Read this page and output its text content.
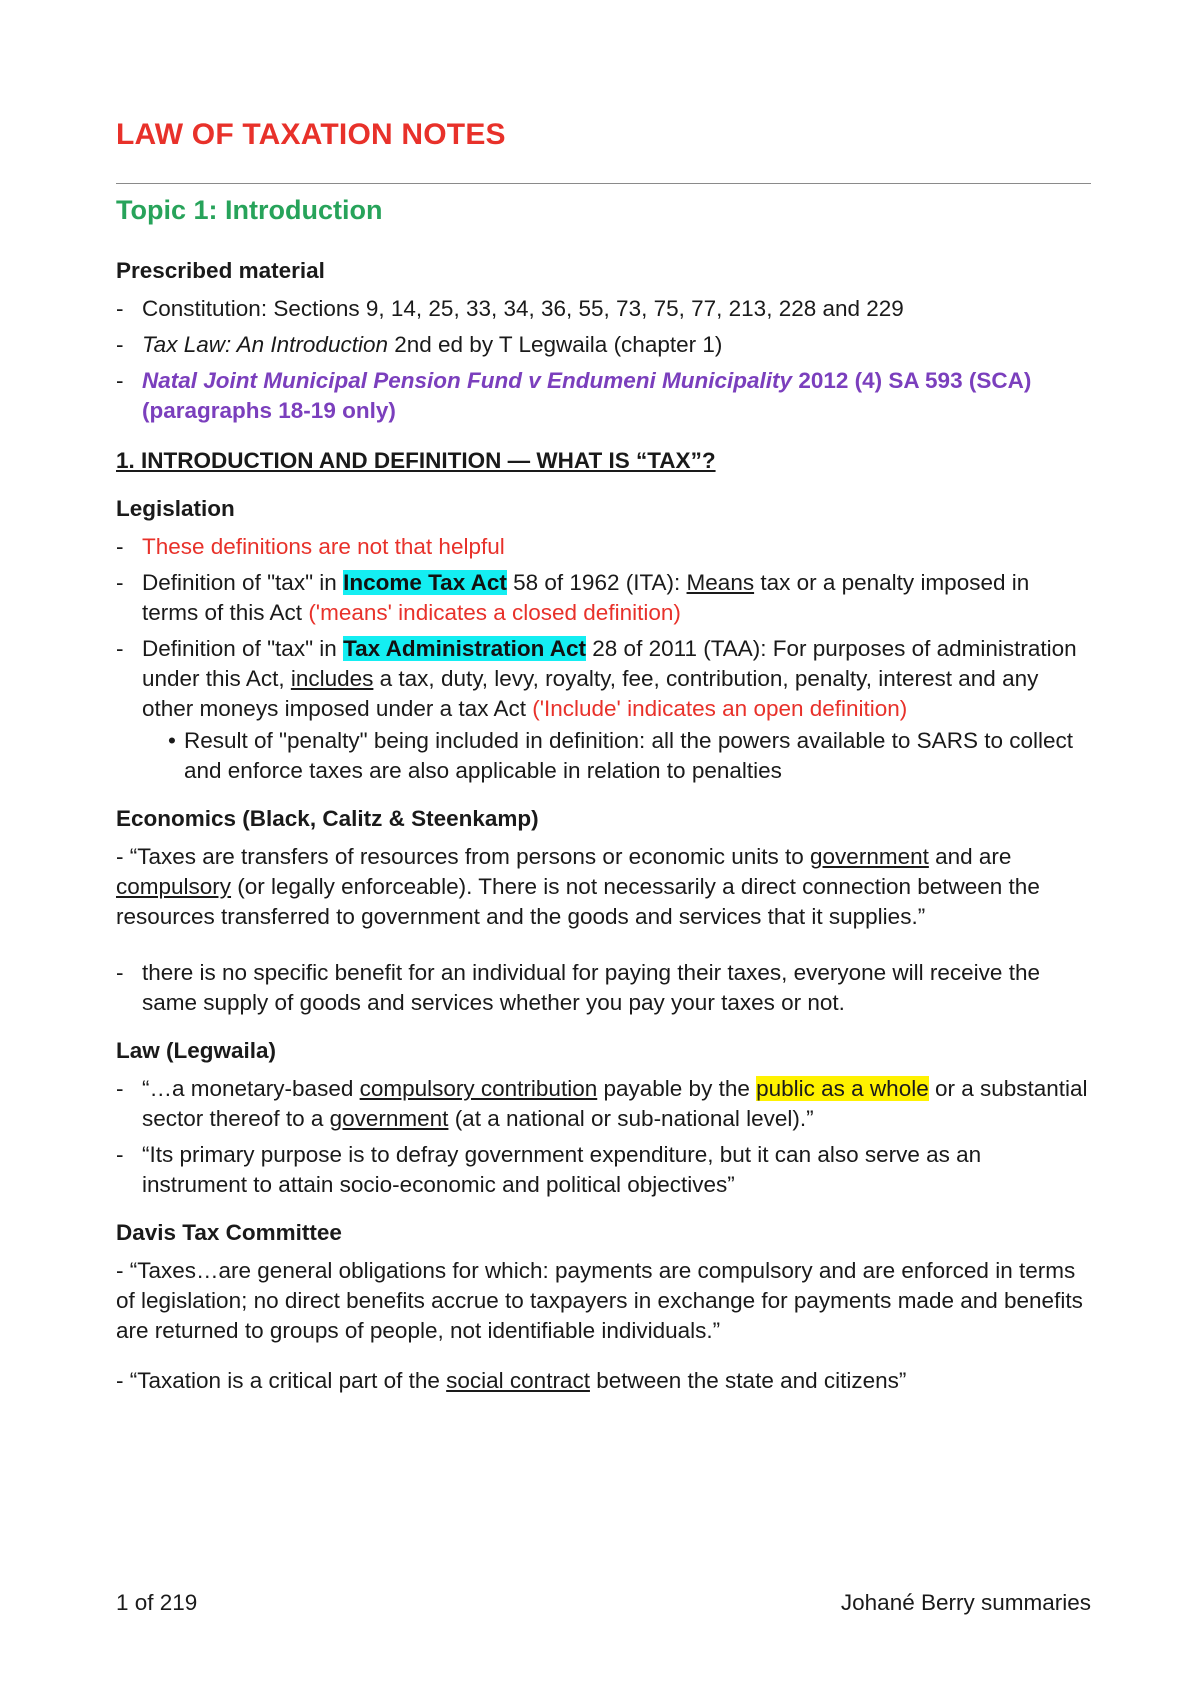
LAW OF TAXATION NOTES
Topic 1: Introduction
Prescribed material
- Constitution: Sections 9, 14, 25, 33, 34, 36, 55, 73, 75, 77, 213, 228 and 229
- Tax Law: An Introduction 2nd ed by T Legwaila (chapter 1)
- Natal Joint Municipal Pension Fund v Endumeni Municipality 2012 (4) SA 593 (SCA) (paragraphs 18-19 only)
1. INTRODUCTION AND DEFINITION — WHAT IS “TAX”?
Legislation
- These definitions are not that helpful
- Definition of "tax" in Income Tax Act 58 of 1962 (ITA): Means tax or a penalty imposed in terms of this Act ('means' indicates a closed definition)
- Definition of "tax" in Tax Administration Act 28 of 2011 (TAA): For purposes of administration under this Act, includes a tax, duty, levy, royalty, fee, contribution, penalty, interest and any other moneys imposed under a tax Act ('Include' indicates an open definition)
• Result of "penalty" being included in definition: all the powers available to SARS to collect and enforce taxes are also applicable in relation to penalties
Economics (Black, Calitz & Steenkamp)
- “Taxes are transfers of resources from persons or economic units to government and are compulsory (or legally enforceable). There is not necessarily a direct connection between the resources transferred to government and the goods and services that it supplies.”
- there is no specific benefit for an individual for paying their taxes, everyone will receive the same supply of goods and services whether you pay your taxes or not.
Law (Legwaila)
- “…a monetary-based compulsory contribution payable by the public as a whole or a substantial sector thereof to a government (at a national or sub-national level).”
- “Its primary purpose is to defray government expenditure, but it can also serve as an instrument to attain socio-economic and political objectives”
Davis Tax Committee
- “Taxes…are general obligations for which: payments are compulsory and are enforced in terms of legislation; no direct benefits accrue to taxpayers in exchange for payments made and benefits are returned to groups of people, not identifiable individuals.”
- “Taxation is a critical part of the social contract between the state and citizens”
1 of 219	Johané Berry summaries
